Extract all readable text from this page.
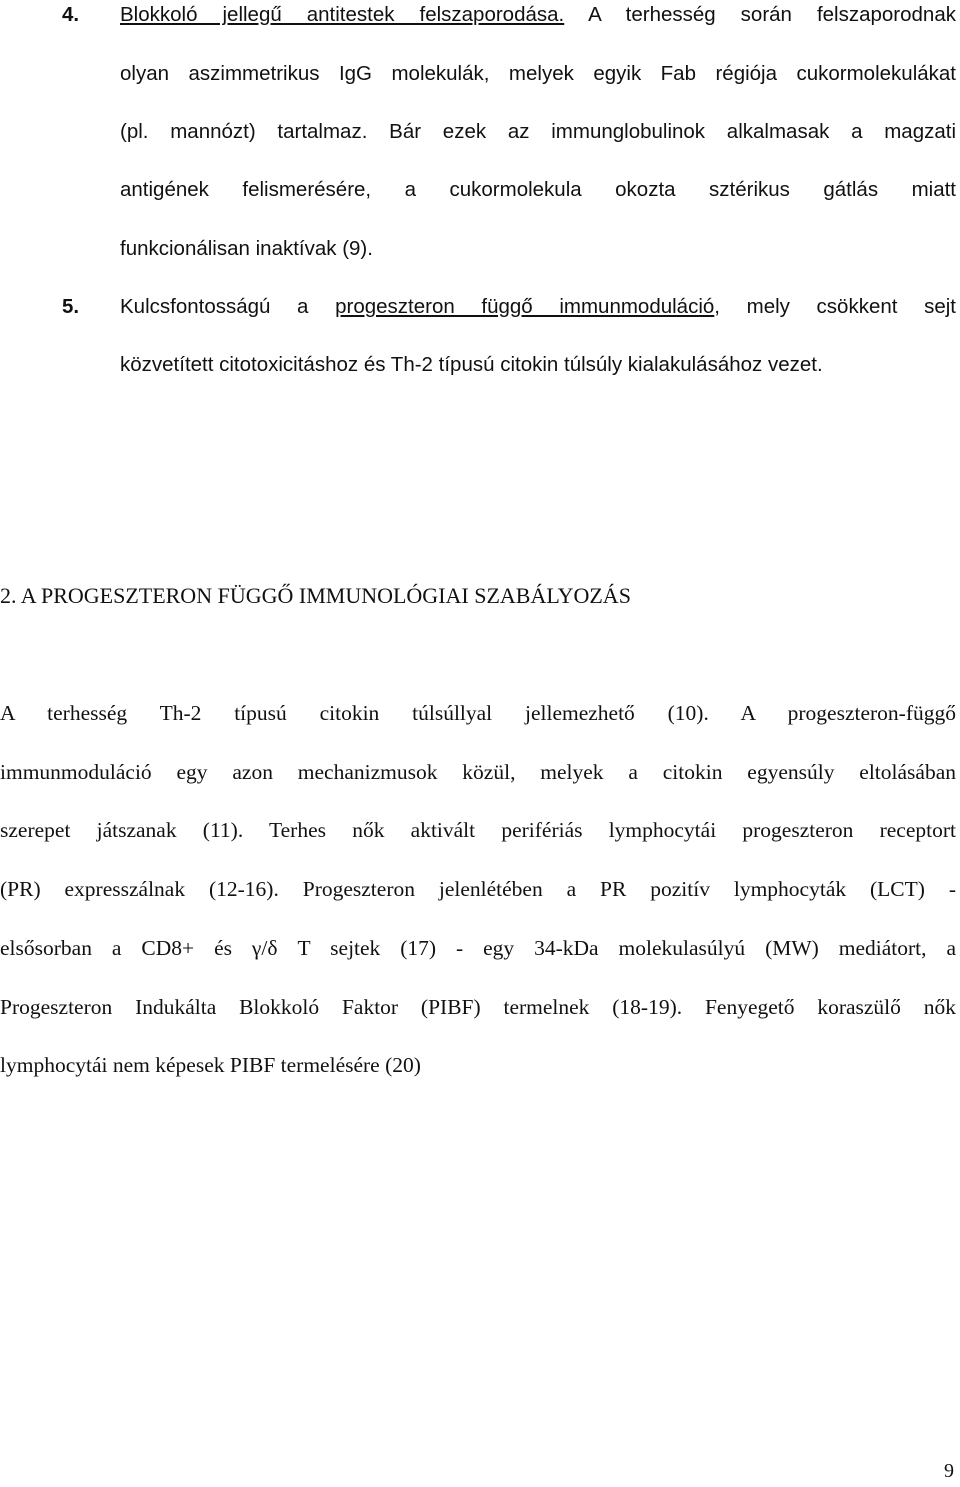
4. Blokkoló jellegű antitestek felszaporodása. A terhesség során felszaporodnak
olyan aszimmetrikus IgG molekulák, melyek egyik Fab régiója cukormolekulákat
(pl. mannózt) tartalmaz. Bár ezek az immunglobulinok alkalmasak a magzati
antigének felismerésére, a cukormolekula okozta sztérikus gátlás miatt
funkcionálisan inaktívak (9).
5. Kulcsfontosságú a progeszteron függő immunmoduláció, mely csökkent sejt
közvetített citotoxicitáshoz és Th-2 típusú citokin túlsúly kialakulásához vezet.
2. A PROGESZTERON FÜGGŐ IMMUNOLÓGIAI SZABÁLYOZÁS
A terhesség Th-2 típusú citokin túlsúllyal jellemezhető (10). A progeszteron-függő
immunmoduláció egy azon mechanizmusok közül, melyek a citokin egyensúly eltolásában
szerepet játszanak (11). Terhes nők aktivált perifériás lymphocytái progeszteron receptort
(PR) expresszálnak (12-16). Progeszteron jelenlétében a PR pozitív lymphocyták (LCT) -
elsősorban a CD8+ és γ/δ T sejtek (17) - egy 34-kDa molekulasúlyú (MW) mediátort, a
Progeszteron Indukálta Blokkoló Faktor (PIBF) termelnek (18-19). Fenyegető koraszülő nők
lymphocytái nem képesek PIBF termelésére (20)
9
